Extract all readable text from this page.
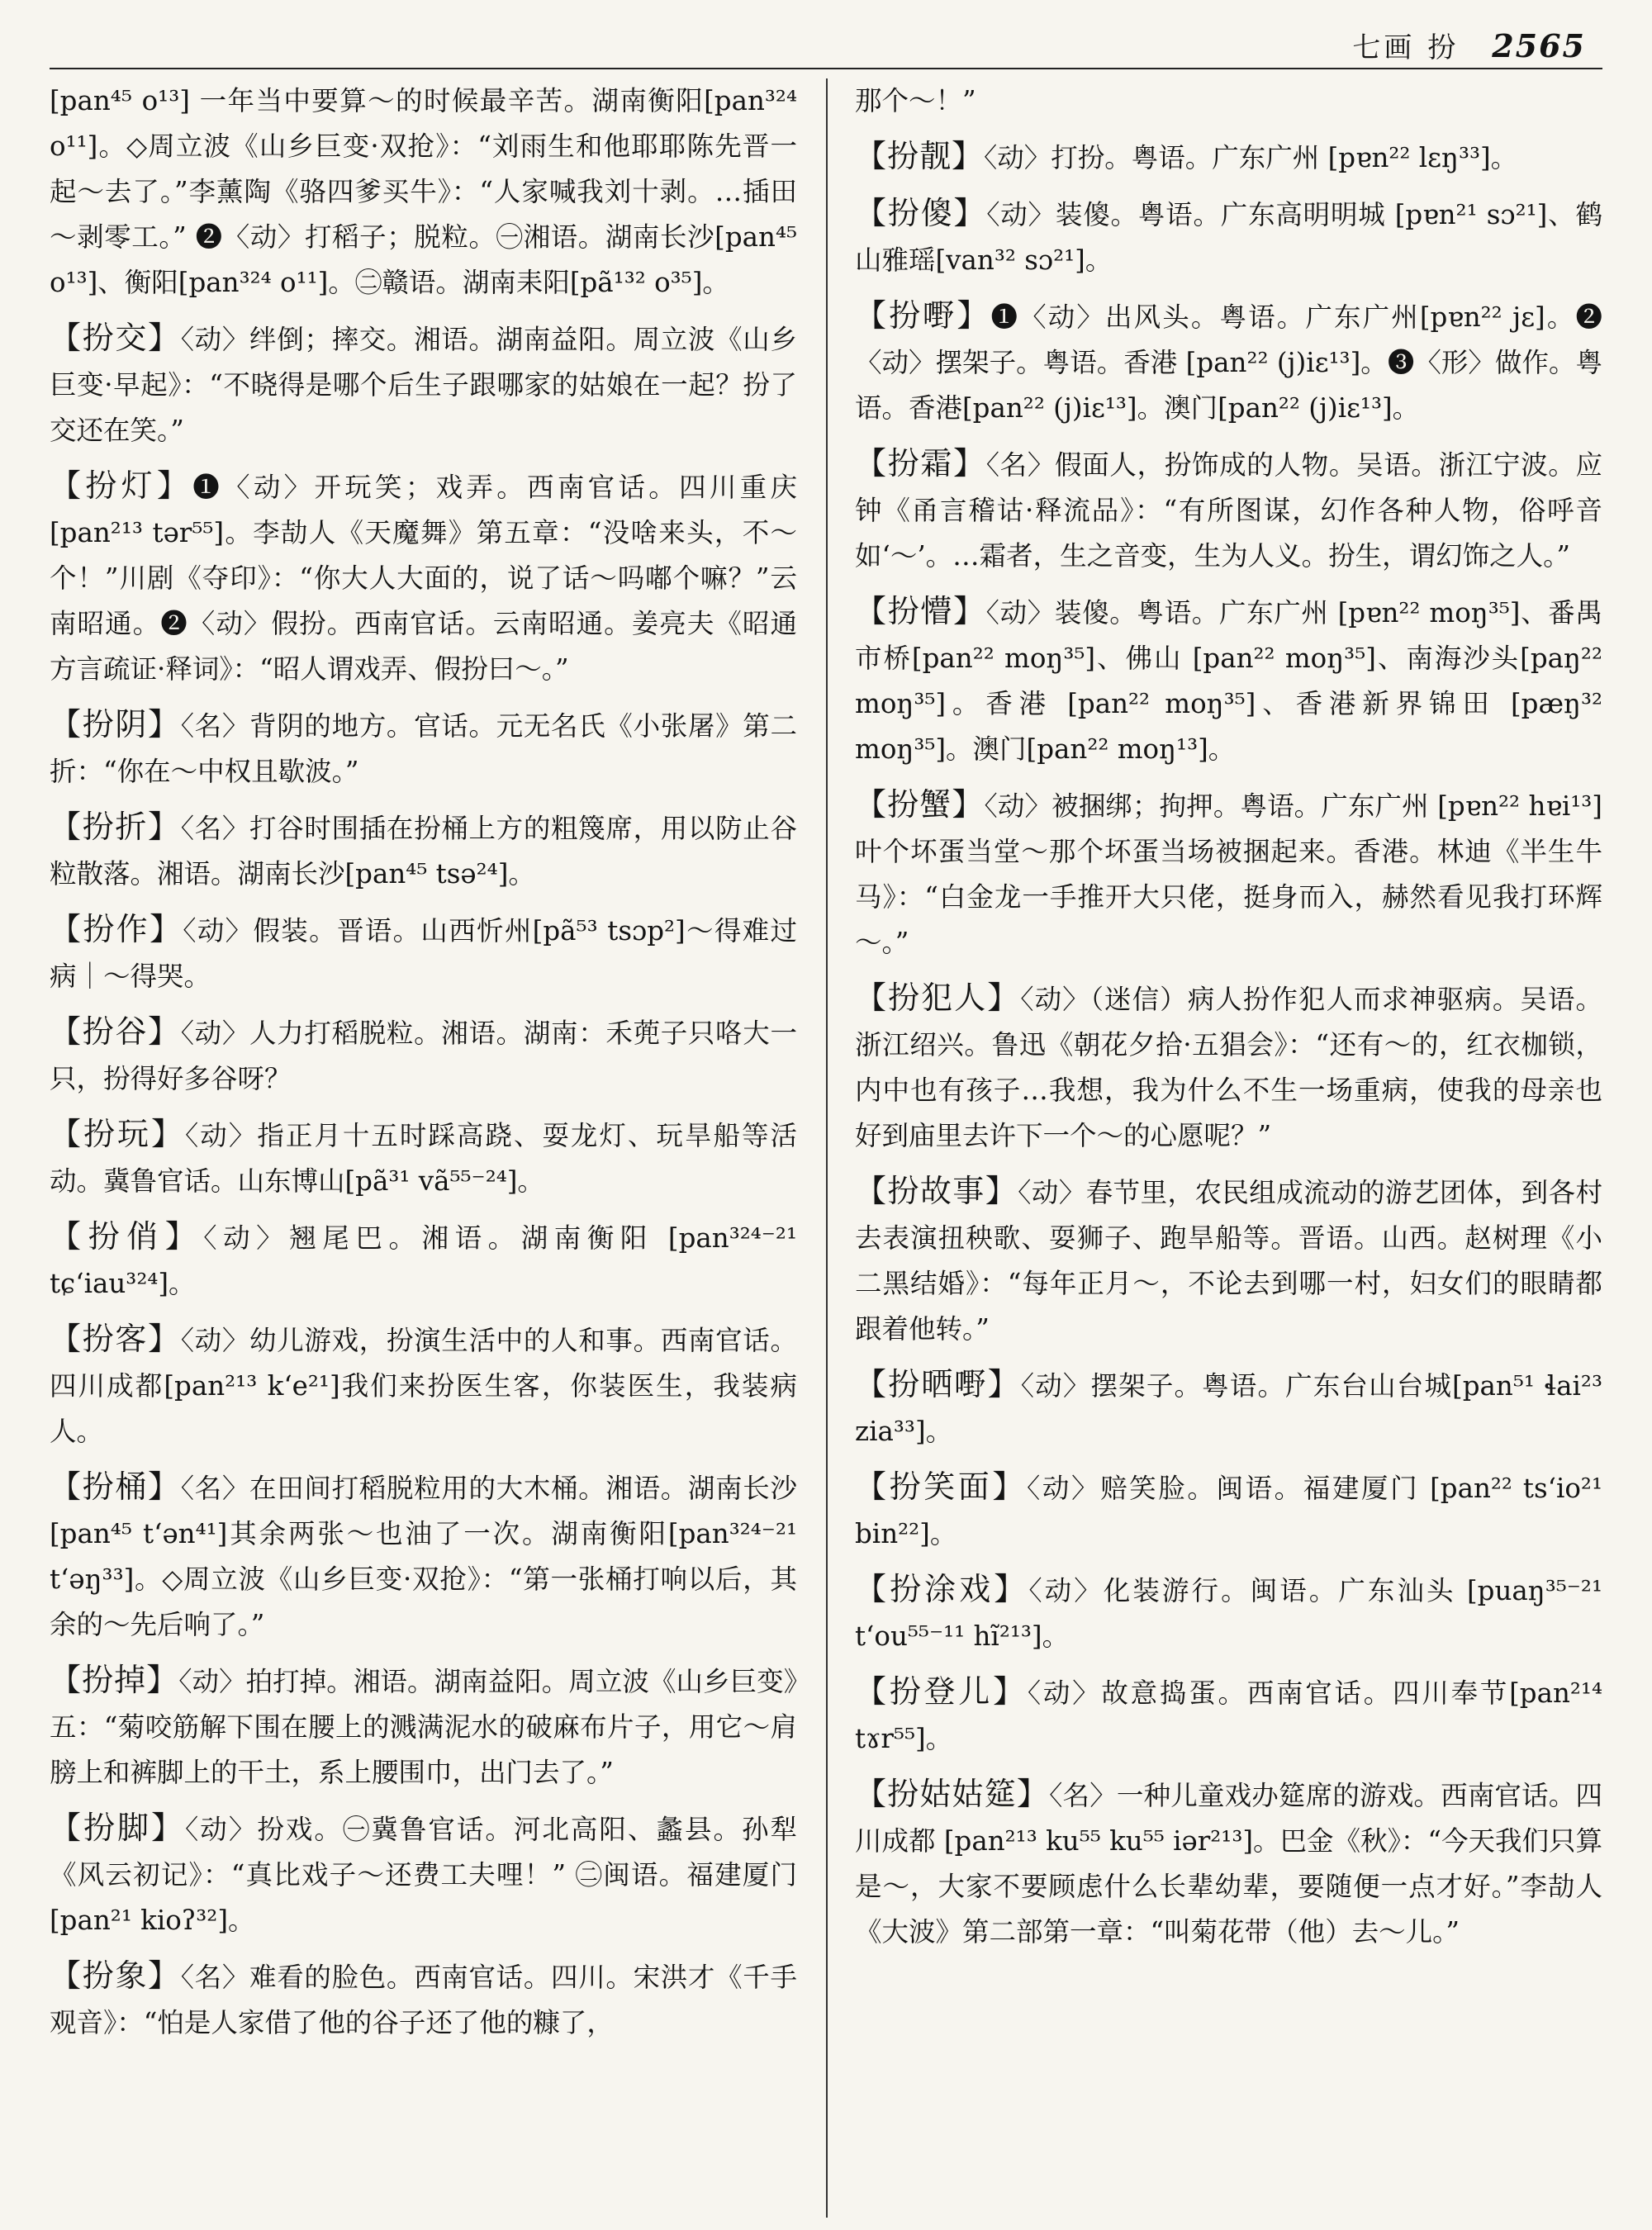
七画 扮 2565

[pan⁴⁵ o¹³] 一年当中要算～的时候最辛苦。湖南衡阳[pan³²⁴ o¹¹]。◇周立波《山乡巨变·双抢》：“刘雨生和他耶耶陈先晋一起～去了。”李薰陶《骆四爹买牛》：“人家喊我刘十剥。…插田～剥零工。” ❷〈动〉打稻子；脱粒。㊀湘语。湖南长沙[pan⁴⁵ o¹³]、衡阳[pan³²⁴ o¹¹]。㊁赣语。湖南耒阳[pã¹³² o³⁵]。

【扮交】〈动〉绊倒；摔交。湘语。湖南益阳。周立波《山乡巨变·早起》：“不晓得是哪个后生子跟哪家的姑娘在一起？扮了交还在笑。”

【扮灯】❶〈动〉开玩笑；戏弄。西南官话。四川重庆[pan²¹³ tər⁵⁵]。李劼人《天魔舞》第五章：“没啥来头，不～个！”川剧《夺印》：“你大人大面的，说了话～吗嘟个嘛？”云南昭通。❷〈动〉假扮。西南官话。云南昭通。姜亮夫《昭通方言疏证·释词》：“昭人谓戏弄、假扮曰～。”

【扮阴】〈名〉背阴的地方。官话。元无名氏《小张屠》第二折：“你在～中权且歇波。”

【扮折】〈名〉打谷时围插在扮桶上方的粗篾席，用以防止谷粒散落。湘语。湖南长沙[pan⁴⁵ tsə²⁴]。

【扮作】〈动〉假装。晋语。山西忻州[pã⁵³ tsɔp²]～得难过病｜～得哭。

【扮谷】〈动〉人力打稻脱粒。湘语。湖南：禾蔸子只咯大一只，扮得好多谷呀？

【扮玩】〈动〉指正月十五时踩高跷、耍龙灯、玩旱船等活动。冀鲁官话。山东博山[pã³¹ vã⁵⁵⁻²⁴]。

【扮俏】〈动〉翘尾巴。湘语。湖南衡阳 [pan³²⁴⁻²¹ tɕʻiau³²⁴]。

【扮客】〈动〉幼儿游戏，扮演生活中的人和事。西南官话。四川成都[pan²¹³ kʻe²¹]我们来扮医生客，你装医生，我装病人。

【扮桶】〈名〉在田间打稻脱粒用的大木桶。湘语。湖南长沙[pan⁴⁵ tʻən⁴¹]其余两张～也油了一次。湖南衡阳[pan³²⁴⁻²¹ tʻəŋ³³]。◇周立波《山乡巨变·双抢》：“第一张桶打响以后，其余的～先后响了。”

【扮掉】〈动〉拍打掉。湘语。湖南益阳。周立波《山乡巨变》五：“菊咬筋解下围在腰上的溅满泥水的破麻布片子，用它～肩膀上和裤脚上的干土，系上腰围巾，出门去了。”

【扮脚】〈动〉扮戏。㊀冀鲁官话。河北高阳、蠡县。孙犁《风云初记》：“真比戏子～还费工夫哩！” ㊁闽语。福建厦门[pan²¹ kioʔ³²]。

【扮象】〈名〉难看的脸色。西南官话。四川。宋洪才《千手观音》：“怕是人家借了他的谷子还了他的糠了，

那个～！”

【扮靓】〈动〉打扮。粤语。广东广州 [pɐn²² lɛŋ³³]。

【扮傻】〈动〉装傻。粤语。广东高明明城 [pɐn²¹ sɔ²¹]、鹤山雅瑶[van³² sɔ²¹]。

【扮嘢】❶〈动〉出风头。粤语。广东广州[pɐn²² jɛ]。❷〈动〉摆架子。粤语。香港 [pan²² (j)iɛ¹³]。❸〈形〉做作。粤语。香港[pan²² (j)iɛ¹³]。澳门[pan²² (j)iɛ¹³]。

【扮霜】〈名〉假面人，扮饰成的人物。吴语。浙江宁波。应钟《甬言稽诂·释流品》：“有所图谋，幻作各种人物，俗呼音如‘～’。…霜者，生之音变，生为人义。扮生，谓幻饰之人。”

【扮懵】〈动〉装傻。粤语。广东广州 [pɐn²² moŋ³⁵]、番禺市桥[pan²² moŋ³⁵]、佛山 [pan²² moŋ³⁵]、南海沙头[paŋ²² moŋ³⁵]。香港 [pan²² moŋ³⁵]、香港新界锦田 [pæŋ³² moŋ³⁵]。澳门[pan²² moŋ¹³]。

【扮蟹】〈动〉被捆绑；拘押。粤语。广东广州 [pɐn²² hɐi¹³] 叶个坏蛋当堂～那个坏蛋当场被捆起来。香港。林迪《半生牛马》：“白金龙一手推开大只佬，挺身而入，赫然看见我打环辉～。”

【扮犯人】〈动〉（迷信）病人扮作犯人而求神驱病。吴语。浙江绍兴。鲁迅《朝花夕拾·五猖会》：“还有～的，红衣枷锁，内中也有孩子…我想，我为什么不生一场重病，使我的母亲也好到庙里去许下一个～的心愿呢？”

【扮故事】〈动〉春节里，农民组成流动的游艺团体，到各村去表演扭秧歌、耍狮子、跑旱船等。晋语。山西。赵树理《小二黑结婚》：“每年正月～，不论去到哪一村，妇女们的眼睛都跟着他转。”

【扮晒嘢】〈动〉摆架子。粤语。广东台山台城[pan⁵¹ ɬai²³ zia³³]。

【扮笑面】〈动〉赔笑脸。闽语。福建厦门 [pan²² tsʻio²¹ bin²²]。

【扮涂戏】〈动〉化装游行。闽语。广东汕头 [puaŋ³⁵⁻²¹ tʻou⁵⁵⁻¹¹ hĩ²¹³]。

【扮登儿】〈动〉故意捣蛋。西南官话。四川奉节[pan²¹⁴ tɤr⁵⁵]。

【扮姑姑筵】〈名〉一种儿童戏办筵席的游戏。西南官话。四川成都 [pan²¹³ ku⁵⁵ ku⁵⁵ iər²¹³]。巴金《秋》：“今天我们只算是～，大家不要顾虑什么长辈幼辈，要随便一点才好。”李劼人《大波》第二部第一章：“叫菊花带（他）去～儿。”
